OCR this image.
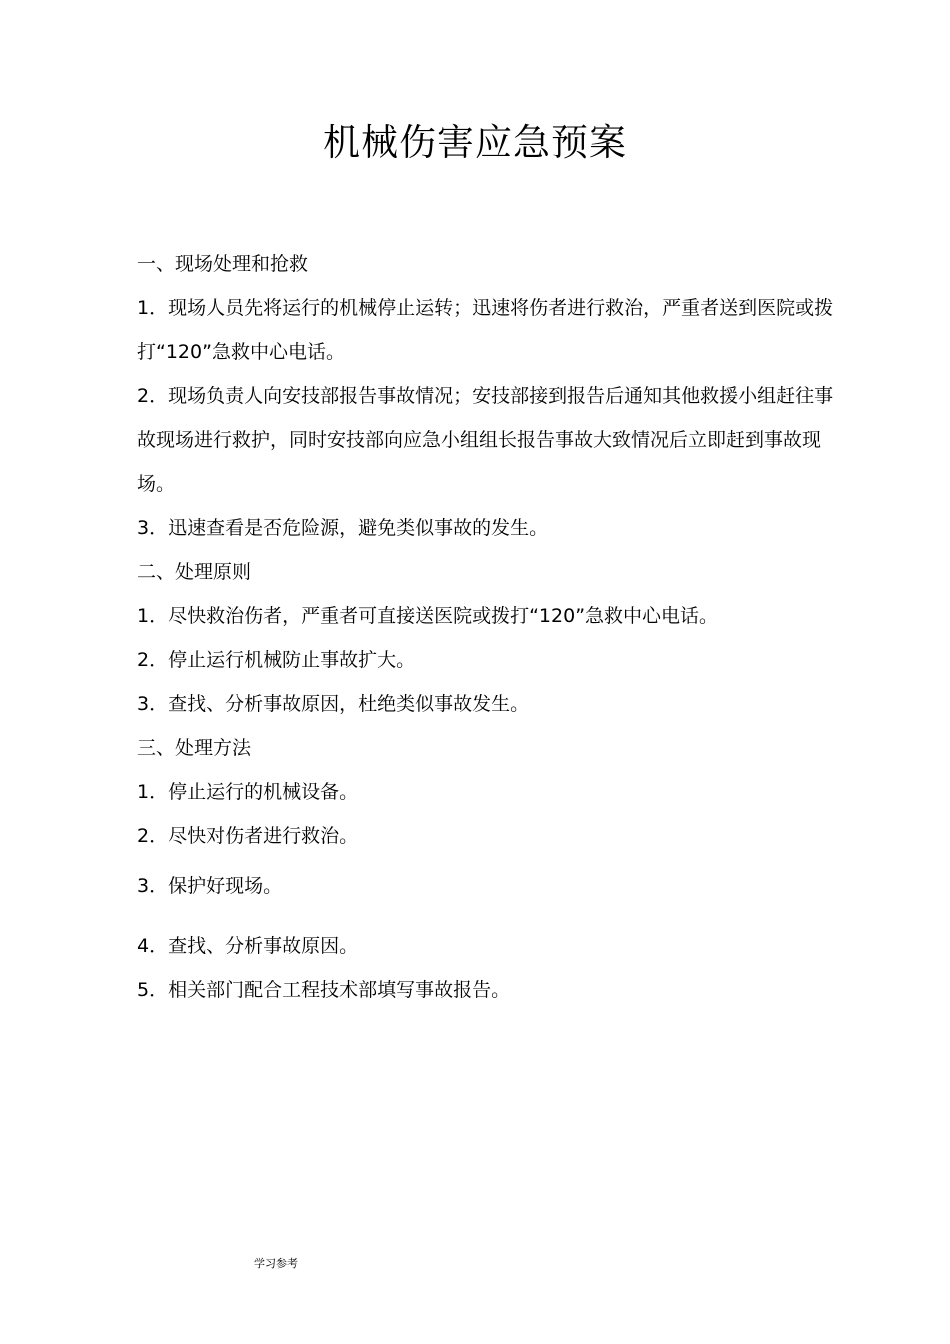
机械伤害应急预案

一、现场处理和抢救

1．现场人员先将运行的机械停止运转；迅速将伤者进行救治，严重者送到医院或拨打“120”急救中心电话。

2．现场负责人向安技部报告事故情况；安技部接到报告后通知其他救援小组赶往事故现场进行救护，同时安技部向应急小组组长报告事故大致情况后立即赶到事故现场。

3．迅速查看是否危险源，避免类似事故的发生。

二、处理原则

1．尽快救治伤者，严重者可直接送医院或拨打“120”急救中心电话。

2．停止运行机械防止事故扩大。

3．查找、分析事故原因，杜绝类似事故发生。

三、处理方法

1．停止运行的机械设备。

2．尽快对伤者进行救治。

3．保护好现场。

4．查找、分析事故原因。

5．相关部门配合工程技术部填写事故报告。

学习参考
